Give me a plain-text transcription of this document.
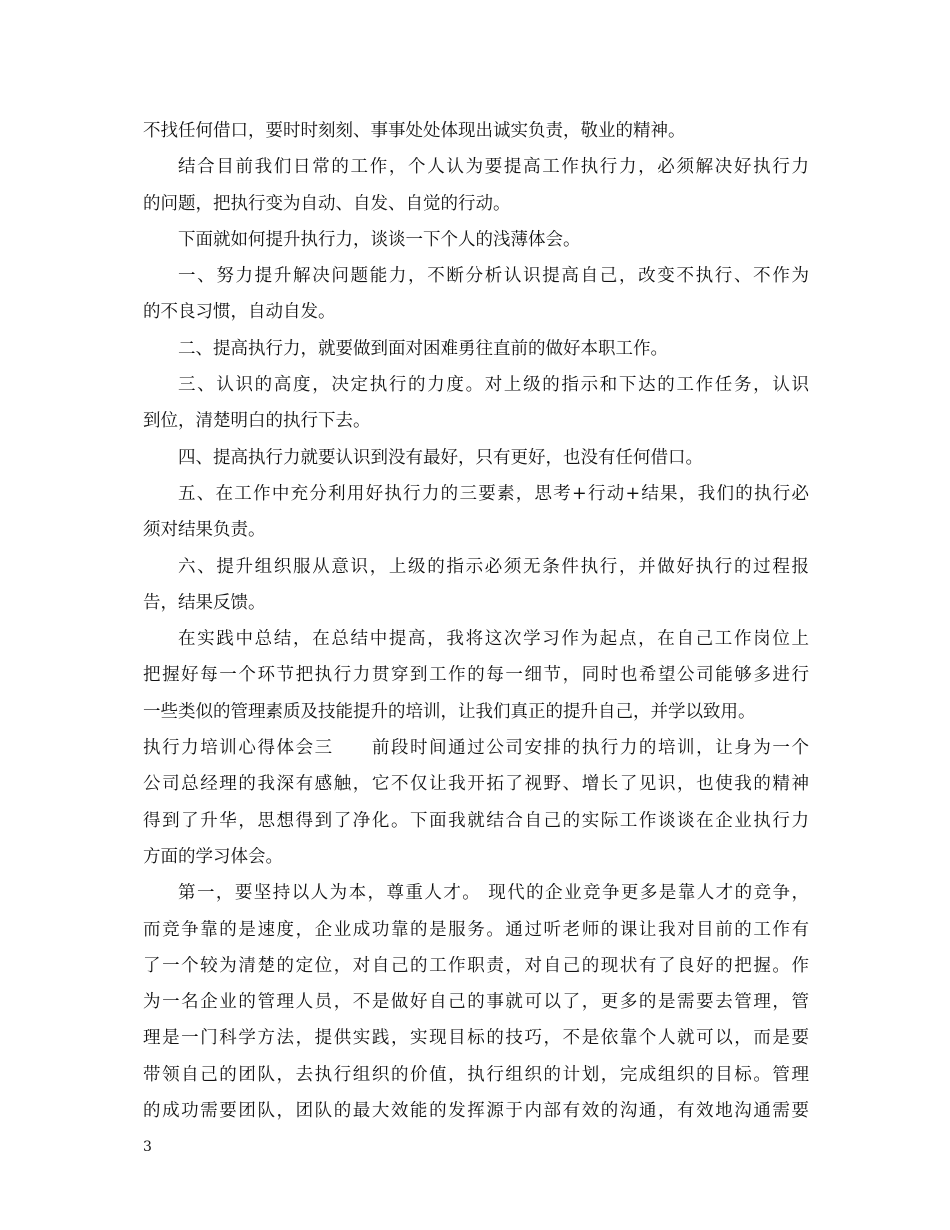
不找任何借口，要时时刻刻、事事处处体现出诚实负责，敬业的精神。
结合目前我们日常的工作，个人认为要提高工作执行力，必须解决好执行力
的问题，把执行变为自动、自发、自觉的行动。
下面就如何提升执行力，谈谈一下个人的浅薄体会。
一、努力提升解决问题能力，不断分析认识提高自己，改变不执行、不作为
的不良习惯，自动自发。
二、提高执行力，就要做到面对困难勇往直前的做好本职工作。
三、认识的高度，决定执行的力度。对上级的指示和下达的工作任务，认识
到位，清楚明白的执行下去。
四、提高执行力就要认识到没有最好，只有更好，也没有任何借口。
五、在工作中充分利用好执行力的三要素，思考+行动+结果，我们的执行必
须对结果负责。
六、提升组织服从意识，上级的指示必须无条件执行，并做好执行的过程报
告，结果反馈。
在实践中总结，在总结中提高，我将这次学习作为起点，在自己工作岗位上
把握好每一个环节把执行力贯穿到工作的每一细节，同时也希望公司能够多进行
一些类似的管理素质及技能提升的培训，让我们真正的提升自己，并学以致用。
执行力培训心得体会三　　前段时间通过公司安排的执行力的培训，让身为一个
公司总经理的我深有感触，它不仅让我开拓了视野、增长了见识，也使我的精神
得到了升华，思想得到了净化。下面我就结合自己的实际工作谈谈在企业执行力
方面的学习体会。
第一，要坚持以人为本，尊重人才。 现代的企业竞争更多是靠人才的竞争，
而竞争靠的是速度，企业成功靠的是服务。通过听老师的课让我对目前的工作有
了一个较为清楚的定位，对自己的工作职责，对自己的现状有了良好的把握。作
为一名企业的管理人员，不是做好自己的事就可以了，更多的是需要去管理，管
理是一门科学方法，提供实践，实现目标的技巧，不是依靠个人就可以，而是要
带领自己的团队，去执行组织的价值，执行组织的计划，完成组织的目标。管理
的成功需要团队，团队的最大效能的发挥源于内部有效的沟通，有效地沟通需要
3
